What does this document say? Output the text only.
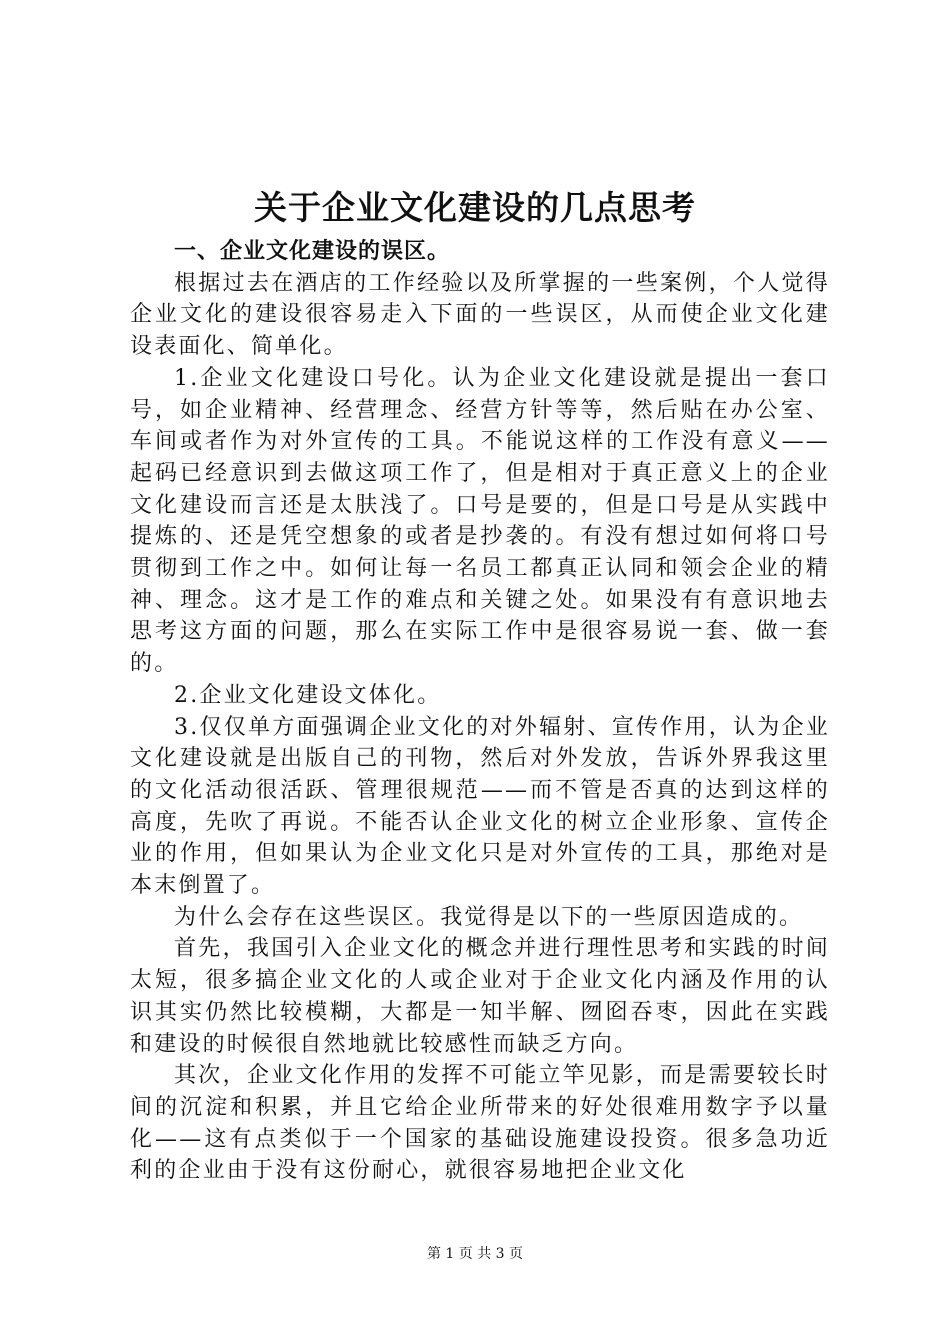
关于企业文化建设的几点思考

一、企业文化建设的误区。

根据过去在酒店的工作经验以及所掌握的一些案例，个人觉得企业文化的建设很容易走入下面的一些误区，从而使企业文化建设表面化、简单化。

1.企业文化建设口号化。认为企业文化建设就是提出一套口号，如企业精神、经营理念、经营方针等等，然后贴在办公室、车间或者作为对外宣传的工具。不能说这样的工作没有意义——起码已经意识到去做这项工作了，但是相对于真正意义上的企业文化建设而言还是太肤浅了。口号是要的，但是口号是从实践中提炼的、还是凭空想象的或者是抄袭的。有没有想过如何将口号贯彻到工作之中。如何让每一名员工都真正认同和领会企业的精神、理念。这才是工作的难点和关键之处。如果没有有意识地去思考这方面的问题，那么在实际工作中是很容易说一套、做一套的。

2.企业文化建设文体化。

3.仅仅单方面强调企业文化的对外辐射、宣传作用，认为企业文化建设就是出版自己的刊物，然后对外发放，告诉外界我这里的文化活动很活跃、管理很规范——而不管是否真的达到这样的高度，先吹了再说。不能否认企业文化的树立企业形象、宣传企业的作用，但如果认为企业文化只是对外宣传的工具，那绝对是本末倒置了。

为什么会存在这些误区。我觉得是以下的一些原因造成的。

首先，我国引入企业文化的概念并进行理性思考和实践的时间太短，很多搞企业文化的人或企业对于企业文化内涵及作用的认识其实仍然比较模糊，大都是一知半解、囫囵吞枣，因此在实践和建设的时候很自然地就比较感性而缺乏方向。

其次，企业文化作用的发挥不可能立竿见影，而是需要较长时间的沉淀和积累，并且它给企业所带来的好处很难用数字予以量化——这有点类似于一个国家的基础设施建设投资。很多急功近利的企业由于没有这份耐心，就很容易地把企业文化

第 1 页 共 3 页
